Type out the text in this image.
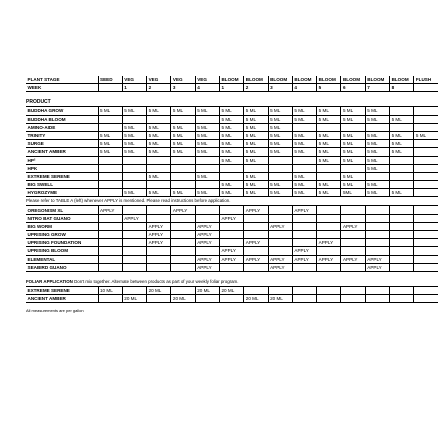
PLANT STAGE	SEED	VEG	VEG	VEG	VEG	BLOOM	BLOOM	BLOOM	BLOOM	BLOOM	BLOOM	BLOOM	BLOOM	FLUSH
WEEK		1	2	3	4	1	2	3	4	5	6	7	8	
PRODUCT
BUDDHA GROW	5 ML	5 ML	5 ML	5 ML	5 ML	5 ML	5 ML	5 ML	5 ML	5 ML	5 ML	5 ML		
BUDDHA BLOOM						5 ML	5 ML	5 ML	5 ML	5 ML	5 ML	5 ML	5 ML	
AMINO-AIDE		5 ML	5 ML	5 ML	5 ML	5 ML	5 ML	5 ML						
TRINITY	5 ML	5 ML	5 ML	5 ML	5 ML	5 ML	5 ML	5 ML	5 ML	5 ML	5 ML	5 ML	5 ML	5 ML
SURGE	5 ML	5 ML	5 ML	5 ML	5 ML	5 ML	5 ML	5 ML	5 ML	5 ML	5 ML	5 ML	5 ML	
ANCIENT AMBER	5 ML	5 ML	5 ML	5 ML	5 ML	5 ML	5 ML	5 ML	5 ML	5 ML	5 ML	5 ML	5 ML	
HP²						5 ML	5 ML			5 ML	5 ML	5 ML		
HPK												5 ML		
EXTREME SERENE			5 ML		5 ML		5 ML		5 ML		5 ML			
BIG SWELL						5 ML	5 ML	5 ML	5 ML	5 ML	5 ML	5 ML		
HYGROZYME		5 ML	5 ML	5 ML	5 ML	5 ML	5 ML	5 ML	5 ML	5 ML	5ML	5 ML	5 ML	
Please refer to TABLE A (left) whenever APPLY is mentioned. Please read instructions before application.
OREGONISM XL	APPLY			APPLY			APPLY		APPLY					
NITRO BAT GUANO		APPLY				APPLY								
BIG WORM			APPLY		APPLY			APPLY			APPLY			
UPRISING GROW			APPLY		APPLY									
UPRISING FOUNDATION			APPLY		APPLY		APPLY			APPLY				
UPRISING BLOOM						APPLY			APPLY					
ELEMENTAL					APPLY	APPLY	APPLY	APPLY	APPLY	APPLY	APPLY	APPLY		
SEABIRD GUANO					APPLY			APPLY				APPLY		
FOLIAR APPLICATION Don't mix together. Alternate between products as part of your weekly foliar program.
EXTREME SERENE	10 ML		20 ML		20 ML	20 ML								
ANCIENT AMBER		20 ML		20 ML			20 ML	20 ML						
All measurements are per gallon
